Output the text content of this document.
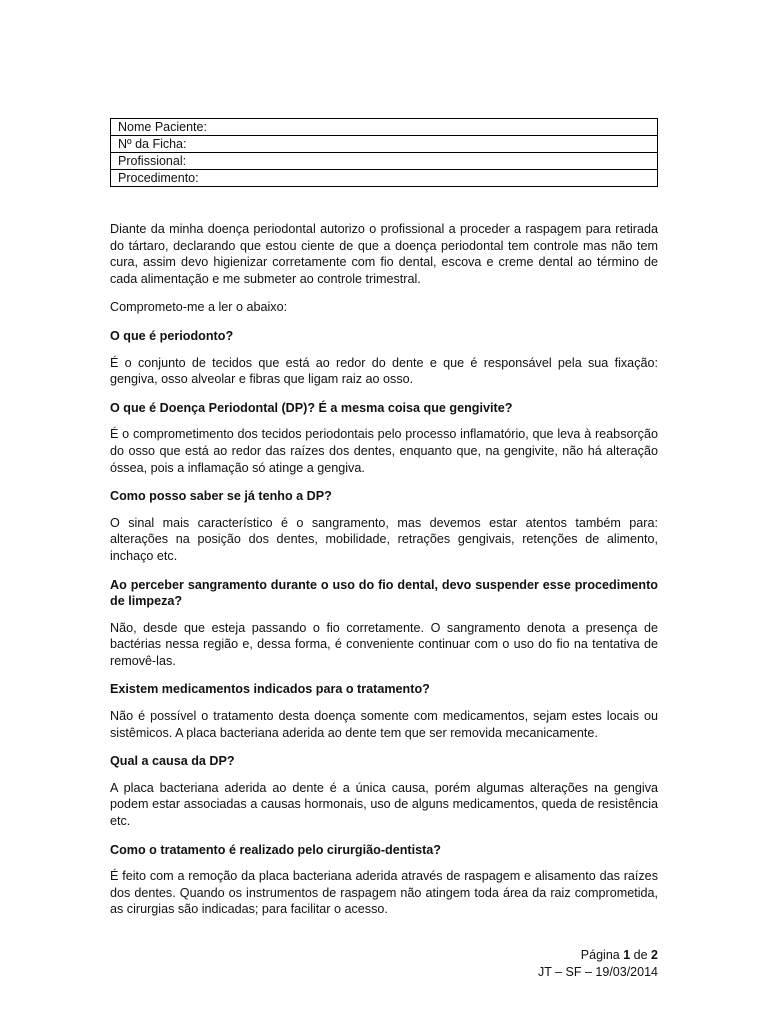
Nome Paciente:
Nº da Ficha:
Profissional:
Procedimento:

Diante da minha doença periodontal autorizo o profissional a proceder a raspagem para retirada do tártaro, declarando que estou ciente de que a doença periodontal tem controle mas não tem cura, assim devo higienizar corretamente com fio dental, escova e creme dental ao término de cada alimentação e me submeter ao controle trimestral.

Comprometo-me a ler o abaixo:

O que é periodonto?

É o conjunto de tecidos que está ao redor do dente e que é responsável pela sua fixação: gengiva, osso alveolar e fibras que ligam raiz ao osso.

O que é Doença Periodontal (DP)? É a mesma coisa que gengivite?

É o comprometimento dos tecidos periodontais pelo processo inflamatório, que leva à reabsorção do osso que está ao redor das raízes dos dentes, enquanto que, na gengivite, não há alteração óssea, pois a inflamação só atinge a gengiva.

Como posso saber se já tenho a DP?

O sinal mais característico é o sangramento, mas devemos estar atentos também para: alterações na posição dos dentes, mobilidade, retrações gengivais, retenções de alimento, inchaço etc.

Ao perceber sangramento durante o uso do fio dental, devo suspender esse procedimento de limpeza?

Não, desde que esteja passando o fio corretamente. O sangramento denota a presença de bactérias nessa região e, dessa forma, é conveniente continuar com o uso do fio na tentativa de removê-las.

Existem medicamentos indicados para o tratamento?

Não é possível o tratamento desta doença somente com medicamentos, sejam estes locais ou sistêmicos. A placa bacteriana aderida ao dente tem que ser removida mecanicamente.

Qual a causa da DP?

A placa bacteriana aderida ao dente é a única causa, porém algumas alterações na gengiva podem estar associadas a causas hormonais, uso de alguns medicamentos, queda de resistência etc.

Como o tratamento é realizado pelo cirurgião-dentista?

É feito com a remoção da placa bacteriana aderida através de raspagem e alisamento das raízes dos dentes. Quando os instrumentos de raspagem não atingem toda área da raiz comprometida, as cirurgias são indicadas; para facilitar o acesso.

Página 1 de 2
JT – SF – 19/03/2014
